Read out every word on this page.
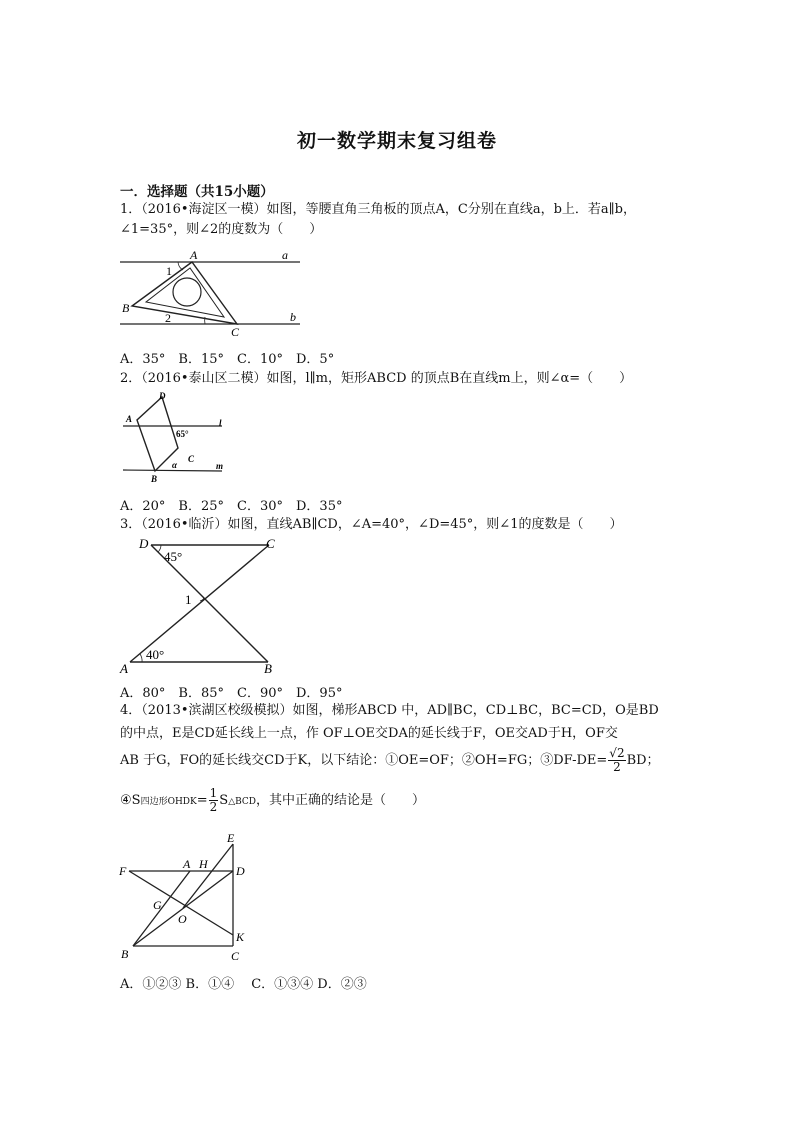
初一数学期末复习组卷
一．选择题（共15小题）
1．（2016•海淀区一模）如图，等腰直角三角板的顶点A，C分别在直线a，b上．若a∥b，
∠1=35°，则∠2的度数为（　　）
A
B
C
a
b
1
2
A．35°　B．15°　C．10°　D．5°
2．（2016•泰山区二模）如图，l∥m，矩形ABCD 的顶点B在直线m上，则∠α=（　　）
A
B
C
D
l
m
65°
α
A．20°　B．25°　C．30°　D．35°
3．（2016•临沂）如图，直线AB∥CD，∠A=40°，∠D=45°，则∠1的度数是（　　）
D	C
A	B
1
40°
45°
A．80°　B．85°　C．90°　D．95°
4．（2013•滨湖区校级模拟）如图，梯形ABCD 中，AD∥BC，CD⊥BC，BC=CD，O是BD
的中点，E是CD延长线上一点，作 OF⊥OE交DA的延长线于F，OE交AD于H，OF交
AB 于G，FO的延长线交CD于K，以下结论：①OE=OF；②OH=FG；③DF-DE= $\frac{√2}{2}$ BD；
④S四边形OHDK= $\frac{1}{2}$ S△BCD，其中正确的结论是（　　）
E
F	A H D
G
O
K
B	C
A．①②③ B．①④　 C．①③④ D．②③
